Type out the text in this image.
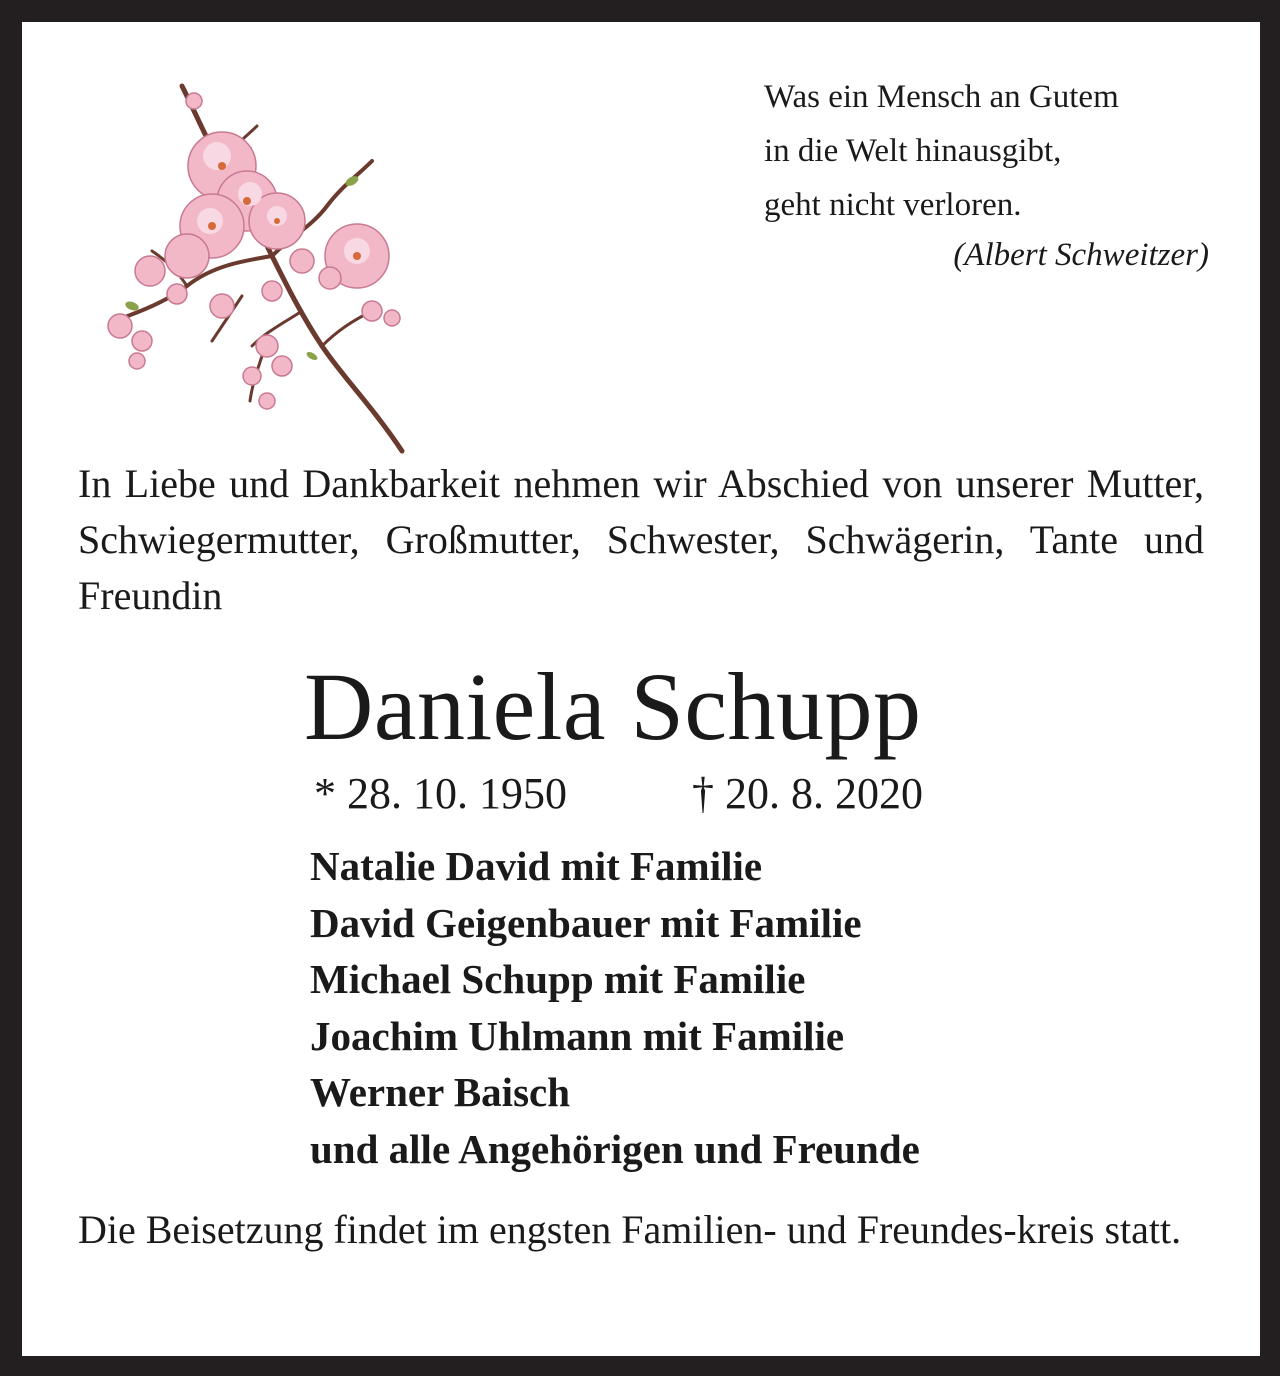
Was ein Mensch an Gutem
in die Welt hinausgibt,
geht nicht verloren.
(Albert Schweitzer)
In Liebe und Dankbarkeit nehmen wir Abschied von unserer Mutter, Schwiegermutter, Großmutter, Schwester, Schwägerin, Tante und Freundin
Daniela Schupp
* 28. 10. 1950	† 20. 8. 2020
Natalie David mit Familie
David Geigenbauer mit Familie
Michael Schupp mit Familie
Joachim Uhlmann mit Familie
Werner Baisch
und alle Angehörigen und Freunde
Die Beisetzung findet im engsten Familien- und Freundes-kreis statt.
